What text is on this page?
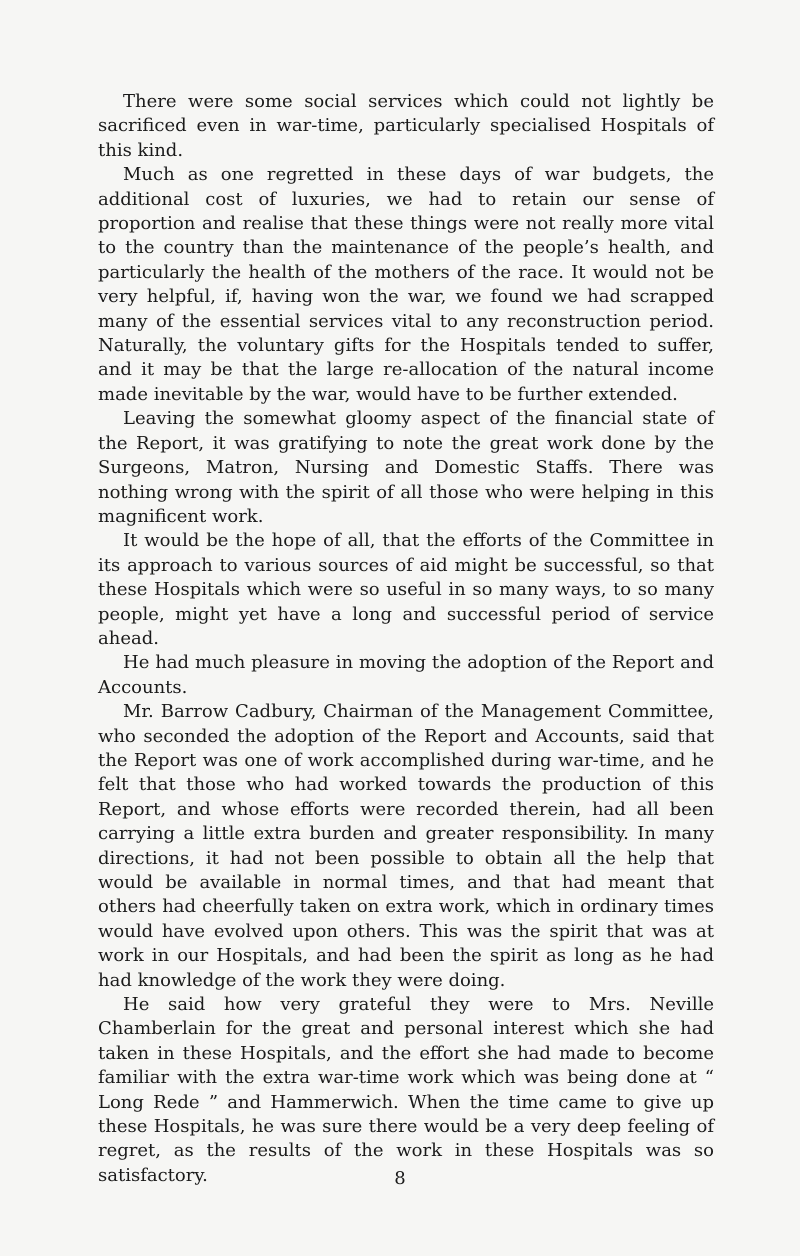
There were some social services which could not lightly be sacrificed even in war-time, particularly specialised Hospitals of this kind.

Much as one regretted in these days of war budgets, the additional cost of luxuries, we had to retain our sense of proportion and realise that these things were not really more vital to the country than the maintenance of the people’s health, and particularly the health of the mothers of the race. It would not be very helpful, if, having won the war, we found we had scrapped many of the essential services vital to any reconstruction period. Naturally, the voluntary gifts for the Hospitals tended to suffer, and it may be that the large re-allocation of the natural income made inevitable by the war, would have to be further extended.

Leaving the somewhat gloomy aspect of the financial state of the Report, it was gratifying to note the great work done by the Surgeons, Matron, Nursing and Domestic Staffs. There was nothing wrong with the spirit of all those who were helping in this magnificent work.

It would be the hope of all, that the efforts of the Committee in its approach to various sources of aid might be successful, so that these Hospitals which were so useful in so many ways, to so many people, might yet have a long and successful period of service ahead.

He had much pleasure in moving the adoption of the Report and Accounts.

Mr. Barrow Cadbury, Chairman of the Management Committee, who seconded the adoption of the Report and Accounts, said that the Report was one of work accomplished during war-time, and he felt that those who had worked towards the production of this Report, and whose efforts were recorded therein, had all been carrying a little extra burden and greater responsibility. In many directions, it had not been possible to obtain all the help that would be available in normal times, and that had meant that others had cheerfully taken on extra work, which in ordinary times would have evolved upon others. This was the spirit that was at work in our Hospitals, and had been the spirit as long as he had had knowledge of the work they were doing.

He said how very grateful they were to Mrs. Neville Chamberlain for the great and personal interest which she had taken in these Hospitals, and the effort she had made to become familiar with the extra war-time work which was being done at “ Long Rede ” and Hammerwich. When the time came to give up these Hospitals, he was sure there would be a very deep feeling of regret, as the results of the work in these Hospitals was so satisfactory.	8
